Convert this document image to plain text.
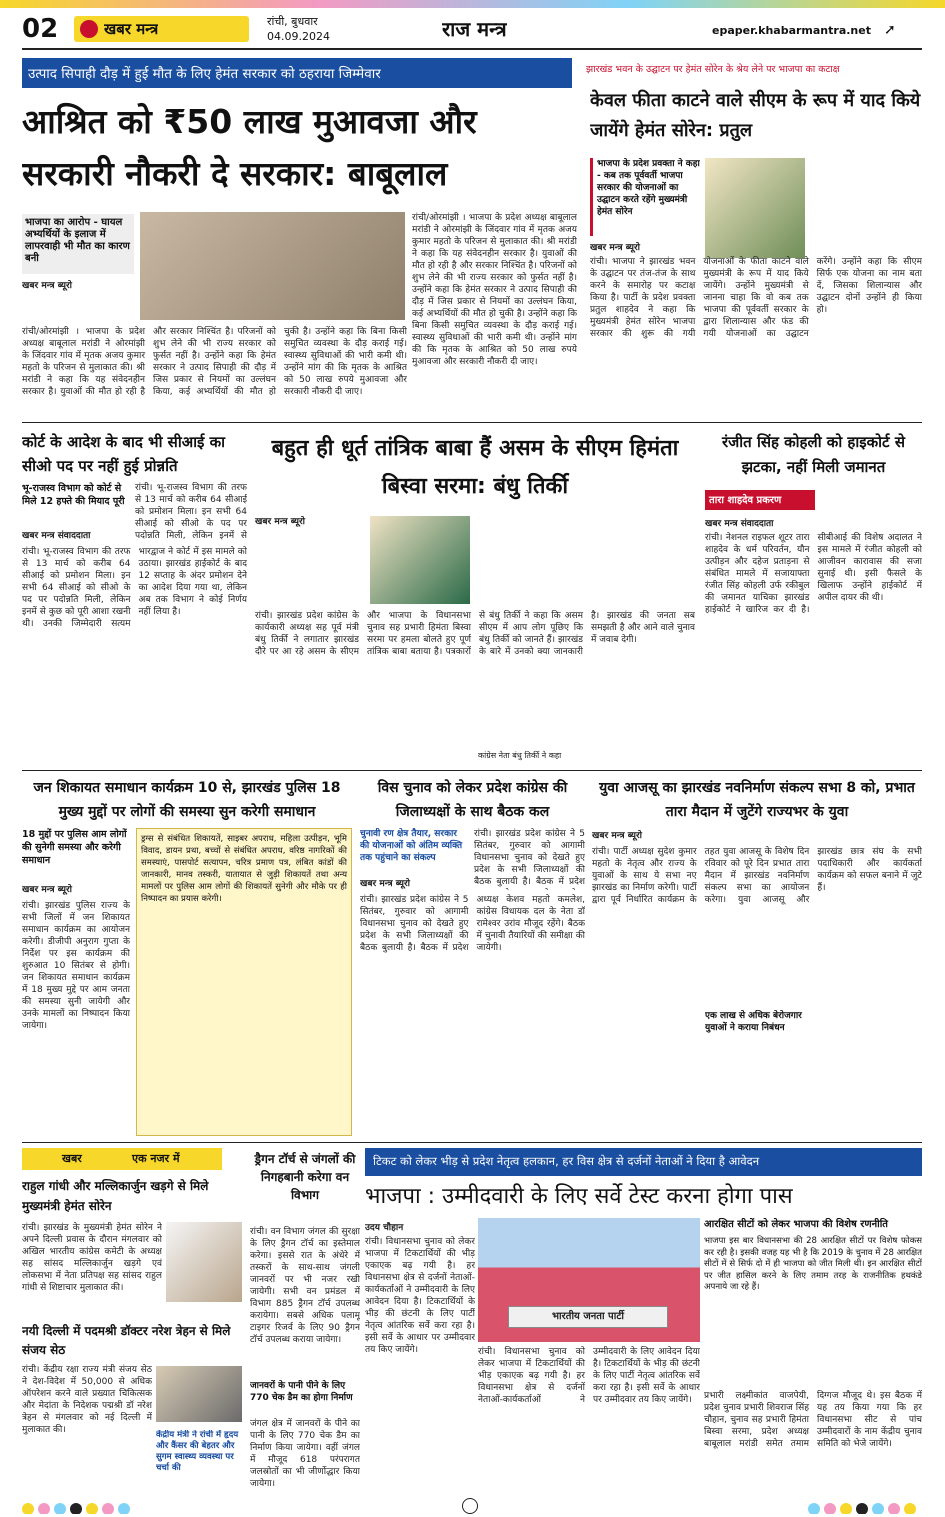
02	खबर मन्त्र	रांची, बुधवार
04.09.2024	राज मन्त्र	epaper.khabarmantra.net ➚
उत्पाद सिपाही दौड़ में हुई मौत के लिए हेमंत सरकार को ठहराया जिम्मेवार
आश्रित को ₹50 लाख मुआवजा और सरकारी नौकरी दे सरकार: बाबूलाल
भाजपा का आरोप - घायल अभ्यर्थियों के इलाज में लापरवाही भी मौत का कारण बनी
खबर मन्त्र ब्यूरो
रांची/ओरमांझी । भाजपा के प्रदेश अध्यक्ष बाबूलाल मरांडी ने ओरमांझी के जिंदवार गांव में मृतक अजय कुमार महतो के परिजन से मुलाकात की। श्री मरांडी ने कहा कि यह संवेदनहीन सरकार है। युवाओं की मौत हो रही है और सरकार निश्चिंत है। परिजनों को शुभ लेने की भी राज्य सरकार को फुर्सत नहीं है। उन्होंने कहा कि हेमंत सरकार ने उत्पाद सिपाही की दौड़ में जिस प्रकार से नियमों का उल्लंघन किया, कई अभ्यर्थियों की मौत हो चुकी है। उन्होंने कहा कि बिना किसी समुचित व्यवस्था के दौड़ कराई गई। स्वास्थ्य सुविधाओं की भारी कमी थी। उन्होंने मांग की कि मृतक के आश्रित को 50 लाख रुपये मुआवजा और सरकारी नौकरी दी जाए।
रांची/ओरमांझी । भाजपा के प्रदेश अध्यक्ष बाबूलाल मरांडी ने ओरमांझी के जिंदवार गांव में मृतक अजय कुमार महतो के परिजन से मुलाकात की। श्री मरांडी ने कहा कि यह संवेदनहीन सरकार है। युवाओं की मौत हो रही है और सरकार निश्चिंत है। परिजनों को शुभ लेने की भी राज्य सरकार को फुर्सत नहीं है। उन्होंने कहा कि हेमंत सरकार ने उत्पाद सिपाही की दौड़ में जिस प्रकार से नियमों का उल्लंघन किया, कई अभ्यर्थियों की मौत हो चुकी है। उन्होंने कहा कि बिना किसी समुचित व्यवस्था के दौड़ कराई गई। स्वास्थ्य सुविधाओं की भारी कमी थी। उन्होंने मांग की कि मृतक के आश्रित को 50 लाख रुपये मुआवजा और सरकारी नौकरी दी जाए।
झारखंड भवन के उद्घाटन पर हेमंत सोरेन के श्रेय लेने पर भाजपा का कटाक्ष
केवल फीता काटने वाले सीएम के रूप में याद किये जायेंगे हेमंत सोरेन: प्रतुल
भाजपा के प्रदेश प्रवक्ता ने कहा - कब तक पूर्ववर्ती भाजपा सरकार की योजनाओं का उद्घाटन करते रहेंगे मुख्यमंत्री हेमंत सोरेन
खबर मन्त्र ब्यूरो
रांची। भाजपा ने झारखंड भवन के उद्घाटन पर तंज-तंज के साथ करने के समारोह पर कटाक्ष किया है। पार्टी के प्रदेश प्रवक्ता प्रतुल शाहदेव ने कहा कि मुख्यमंत्री हेमंत सोरेन भाजपा सरकार की शुरू की गयी योजनाओं के फीता काटने वाले मुख्यमंत्री के रूप में याद किये जायेंगे। उन्होंने मुख्यमंत्री से जानना चाहा कि वो कब तक भाजपा की पूर्ववर्ती सरकार के द्वारा शिलान्यास और फंड की गयी योजनाओं का उद्घाटन करेंगे। उन्होंने कहा कि सीएम सिर्फ एक योजना का नाम बता दें, जिसका शिलान्यास और उद्घाटन दोनों उन्होंने ही किया हो।
कोर्ट के आदेश के बाद भी सीआई का सीओ पद पर नहीं हुई प्रोन्नति
भू-राजस्व विभाग को कोर्ट से मिले 12 हफ्ते की मियाद पूरी
खबर मन्त्र संवाददाता
रांची। भू-राजस्व विभाग की तरफ से 13 मार्च को करीब 64 सीआई को प्रमोशन मिला। इन सभी 64 सीआई को सीओ के पद पर पदोन्नति मिली, लेकिन इनमें से कुछ को पूरी आशा रखनी थी। उनकी जिम्मेदारी सत्यम भारद्वाज ने कोर्ट में इस मामले को उठाया। झारखंड हाईकोर्ट के बाद 12 सप्ताह के अंदर प्रमोशन देने का आदेश दिया गया था, लेकिन अब तक विभाग ने कोई निर्णय नहीं लिया है।
रांची। भू-राजस्व विभाग की तरफ से 13 मार्च को करीब 64 सीआई को प्रमोशन मिला। इन सभी 64 सीआई को सीओ के पद पर पदोन्नति मिली, लेकिन इनमें से
बहुत ही धूर्त तांत्रिक बाबा हैं असम के सीएम हिमंता बिस्वा सरमा: बंधु तिर्की
खबर मन्त्र ब्यूरो
कांग्रेस नेता बंधु तिर्की ने कहा
रांची। झारखंड प्रदेश कांग्रेस के कार्यकारी अध्यक्ष सह पूर्व मंत्री बंधु तिर्की ने लगातार झारखंड दौरे पर आ रहे असम के सीएम और भाजपा के विधानसभा चुनाव सह प्रभारी हिमंता बिस्वा सरमा पर हमला बोलते हुए पूर्ण तांत्रिक बाबा बताया है। पत्रकारों से बंधु तिर्की ने कहा कि असम सीएम में आप लोग पूछिए कि बंधु तिर्की को जानते हैं। झारखंड के बारे में उनको क्या जानकारी है। झारखंड की जनता सब समझती है और आने वाले चुनाव में जवाब देगी।
रंजीत सिंह कोहली को हाइकोर्ट से झटका, नहीं मिली जमानत
तारा शाहदेव प्रकरण
खबर मन्त्र संवाददाता
रांची। नेशनल राइफल शूटर तारा शाहदेव के धर्म परिवर्तन, यौन उत्पीड़न और दहेज प्रताड़ना से संबंधित मामले में सजायाफ्ता रंजीत सिंह कोहली उर्फ रकीबुल की जमानत याचिका झारखंड हाईकोर्ट ने खारिज कर दी है। सीबीआई की विशेष अदालत ने इस मामले में रंजीत कोहली को आजीवन कारावास की सजा सुनाई थी। इसी फैसले के खिलाफ उन्होंने हाईकोर्ट में अपील दायर की थी।
जन शिकायत समाधान कार्यक्रम 10 से, झारखंड पुलिस 18 मुख्य मुद्दों पर लोगों की समस्या सुन करेगी समाधान
18 मुद्दों पर पुलिस आम लोगों की सुनेगी समस्या और करेगी समाधान
खबर मन्त्र ब्यूरो
रांची। झारखंड पुलिस राज्य के सभी जिलों में जन शिकायत समाधान कार्यक्रम का आयोजन करेगी। डीजीपी अनुराग गुप्ता के निर्देश पर इस कार्यक्रम की शुरुआत 10 सितंबर से होगी। जन शिकायत समाधान कार्यक्रम में 18 मुख्य मुद्दे पर आम जनता की समस्या सुनी जायेगी और उनके मामलों का निष्पादन किया जायेगा।
ड्रग्स से संबंधित शिकायतें, साइबर अपराध, महिला उत्पीड़न, भूमि विवाद, डायन प्रथा, बच्चों से संबंधित अपराध, वरिष्ठ नागरिकों की समस्याएं, पासपोर्ट सत्यापन, चरित्र प्रमाण पत्र, लंबित कांडों की जानकारी, मानव तस्करी, यातायात से जुड़ी शिकायतें तथा अन्य मामलों पर पुलिस आम लोगों की शिकायतें सुनेगी और मौके पर ही निष्पादन का प्रयास करेगी।
विस चुनाव को लेकर प्रदेश कांग्रेस की जिलाध्यक्षों के साथ बैठक कल
चुनावी रण क्षेत्र तैयार, सरकार की योजनाओं को अंतिम व्यक्ति तक पहुंचाने का संकल्प
खबर मन्त्र ब्यूरो
रांची। झारखंड प्रदेश कांग्रेस ने 5 सितंबर, गुरुवार को आगामी विधानसभा चुनाव को देखते हुए प्रदेश के सभी जिलाध्यक्षों की बैठक बुलायी है। बैठक में प्रदेश अध्यक्ष केशव महतो कमलेश, कांग्रेस विधायक दल के नेता डॉ रामेश्वर उरांव मौजूद रहेंगे। बैठक में चुनावी तैयारियों की समीक्षा की जायेगी।
रांची। झारखंड प्रदेश कांग्रेस ने 5 सितंबर, गुरुवार को आगामी विधानसभा चुनाव को देखते हुए प्रदेश के सभी जिलाध्यक्षों की बैठक बुलायी है। बैठक में प्रदेश
युवा आजसू का झारखंड नवनिर्माण संकल्प सभा 8 को, प्रभात तारा मैदान में जुटेंगे राज्यभर के युवा
खबर मन्त्र ब्यूरो
रांची। पार्टी अध्यक्ष सुदेश कुमार महतो के नेतृत्व और राज्य के युवाओं के साथ ये सभा नए झारखंड का निर्माण करेगी। पार्टी द्वारा पूर्व निर्धारित कार्यक्रम के तहत युवा आजसू के विशेष दिन रविवार को पूरे दिन प्रभात तारा मैदान में झारखंड नवनिर्माण संकल्प सभा का आयोजन करेगा। युवा आजसू और झारखंड छात्र संघ के सभी पदाधिकारी और कार्यकर्ता कार्यक्रम को सफल बनाने में जुटे हैं।
एक लाख से अधिक बेरोजगार युवाओं ने कराया निबंधन
खबर	एक नजर में
राहुल गांधी और मल्लिकार्जुन खड़गे से मिले मुख्यमंत्री हेमंत सोरेन
रांची। झारखंड के मुख्यमंत्री हेमंत सोरेन ने अपने दिल्ली प्रवास के दौरान मंगलवार को अखिल भारतीय कांग्रेस कमेटी के अध्यक्ष सह सांसद मल्लिकार्जुन खड़गे एवं लोकसभा में नेता प्रतिपक्ष सह सांसद राहुल गांधी से शिष्टाचार मुलाकात की।
नयी दिल्ली में पदमश्री डॉक्टर नरेश त्रेहन से मिले संजय सेठ
रांची। केंद्रीय रक्षा राज्य मंत्री संजय सेठ ने देश-विदेश में 50,000 से अधिक ऑपरेशन करने वाले प्रख्यात चिकित्सक और मेदांता के निदेशक पद्मश्री डॉ नरेश त्रेहन से मंगलवार को नई दिल्ली में मुलाकात की।	केंद्रीय मंत्री ने रांची में हृदय और कैंसर की बेहतर और सुगम स्वास्थ्य व्यवस्था पर चर्चा की
ड्रैगन टॉर्च से जंगलों की निगहबानी करेगा वन विभाग
रांची। वन विभाग जंगल की सुरक्षा के लिए ड्रैगन टॉर्च का इस्तेमाल करेगा। इससे रात के अंधेरे में तस्करों के साथ-साथ जंगली जानवरों पर भी नजर रखी जायेगी। सभी वन प्रमंडल में विभाग 885 ड्रैगन टॉर्च उपलब्ध करायेगा। सबसे अधिक पलामू टाइगर रिजर्व के लिए 90 ड्रैगन टॉर्च उपलब्ध कराया जायेगा।
जानवरों के पानी पीने के लिए 770 चेक डैम का होगा निर्माण
जंगल क्षेत्र में जानवरों के पीने का पानी के लिए 770 चेक डैम का निर्माण किया जायेगा। वहीं जंगल में मौजूद 618 परंपरागत जलस्रोतों का भी जीर्णोद्धार किया जायेगा।
टिकट को लेकर भीड़ से प्रदेश नेतृत्व हलकान, हर विस क्षेत्र से दर्जनों नेताओं ने दिया है आवेदन
भाजपा : उम्मीदवारी के लिए सर्वे टेस्ट करना होगा पास
उदय चौहान
रांची। विधानसभा चुनाव को लेकर भाजपा में टिकटार्थियों की भीड़ एकाएक बढ़ गयी है। हर विधानसभा क्षेत्र से दर्जनों नेताओं-कार्यकर्ताओं ने उम्मीदवारी के लिए आवेदन दिया है। टिकटार्थियों के भीड़ की छंटनी के लिए पार्टी नेतृत्व आंतरिक सर्वे करा रहा है। इसी सर्वे के आधार पर उम्मीदवार तय किए जायेंगे।
भारतीय जनता पार्टी
रांची। विधानसभा चुनाव को लेकर भाजपा में टिकटार्थियों की भीड़ एकाएक बढ़ गयी है। हर विधानसभा क्षेत्र से दर्जनों नेताओं-कार्यकर्ताओं ने उम्मीदवारी के लिए आवेदन दिया है। टिकटार्थियों के भीड़ की छंटनी के लिए पार्टी नेतृत्व आंतरिक सर्वे करा रहा है। इसी सर्वे के आधार पर उम्मीदवार तय किए जायेंगे।
आरक्षित सीटों को लेकर भाजपा की विशेष रणनीति
भाजपा इस बार विधानसभा की 28 आरक्षित सीटों पर विशेष फोकस कर रही है। इसकी वजह यह भी है कि 2019 के चुनाव में 28 आरक्षित सीटों में से सिर्फ दो में ही भाजपा को जीत मिली थी। इन आरक्षित सीटों पर जीत हासिल करने के लिए तमाम तरह के राजनीतिक हथकंडे अपनाये जा रहे हैं।
प्रभारी लक्ष्मीकांत वाजपेयी, प्रदेश चुनाव प्रभारी शिवराज सिंह चौहान, चुनाव सह प्रभारी हिमंता बिस्वा सरमा, प्रदेश अध्यक्ष बाबूलाल मरांडी समेत तमाम दिग्गज मौजूद थे। इस बैठक में यह तय किया गया कि हर विधानसभा सीट से पांच उम्मीदवारों के नाम केंद्रीय चुनाव समिति को भेजे जायेंगे।
